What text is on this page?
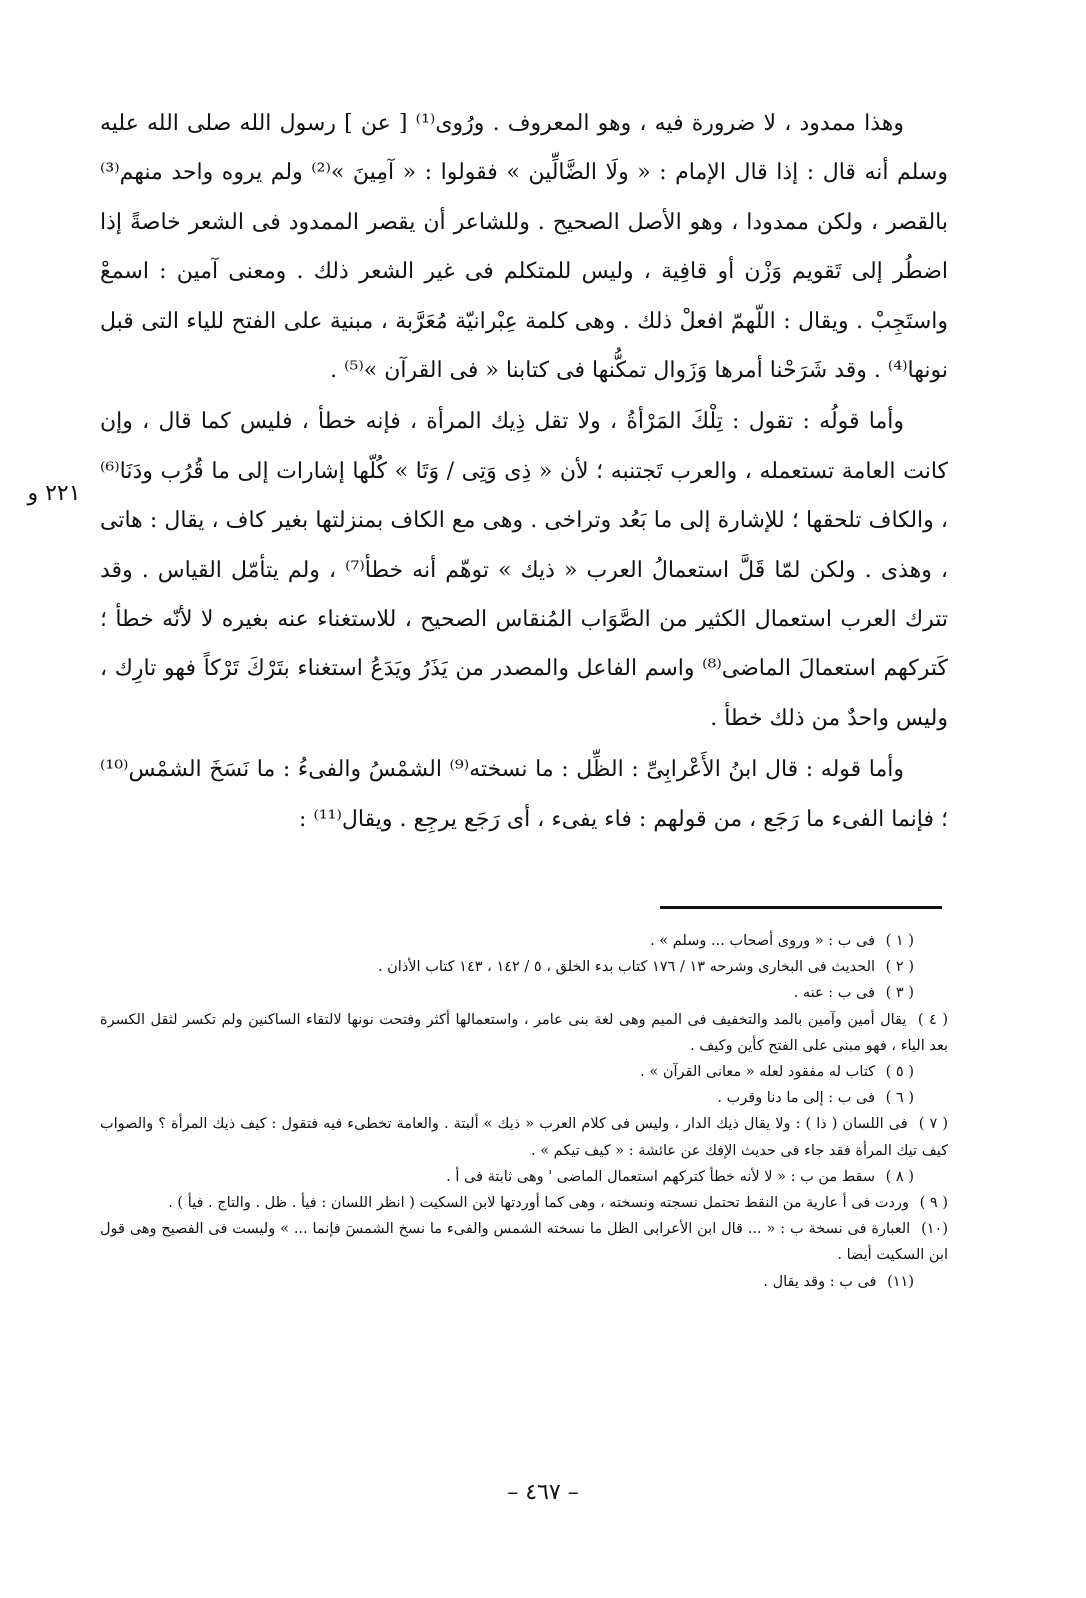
وهذا ممدود ، لا ضرورة فيه ، وهو المعروف . ورُوى⁽¹⁾ [ عن ] رسول الله صلى الله عليه وسلم أنه قال : إذا قال الإمام : « ولَا الضَّالِّين » فقولوا : « آمِينَ »⁽²⁾ ولم يروه واحد منهم⁽³⁾ بالقصر ، ولكن ممدودا ، وهو الأصل الصحيح . وللشاعر أن يقصر الممدود فى الشعر خاصةً إذا اضطُر إلى تَقويم وَزْن أو قافِية ، وليس للمتكلم فى غير الشعر ذلك . ومعنى آمين : اسمعْ واستَجِبْ . ويقال : اللّهمّ افعلْ ذلك . وهى كلمة عِبْرانيّة مُعَرَّبة ، مبنية على الفتح للياء التى قبل نونها⁽⁴⁾ . وقد شَرَحْنا أمرها وَزَوال تمكُّنها فى كتابنا « فى القرآن »⁽⁵⁾ .

وأما قولُه : تقول : تِلْكَ المَرْأةُ ، ولا تقل ذِيك المرأة ، فإنه خطأ ، فليس كما قال ، وإن كانت العامة تستعمله ، والعرب تَجتنبه ؛ لأن « ذِى وَتِى / وَتَا » كُلّها إشارات إلى ما قُرُب ودَنَا⁽⁶⁾ ، والكاف تلحقها ؛ للإشارة إلى ما بَعُد وتراخى . وهى مع الكاف بمنزلتها بغير كاف ، يقال : هاتى ، وهذى . ولكن لمّا قَلَّ استعمالُ العرب « ذيك » توهّم أنه خطأ⁽⁷⁾ ، ولم يتأمّل القياس . وقد تترك العرب استعمال الكثير من الصَّوَاب المُنقاس الصحيح ، للاستغناء عنه بغيره لا لأنّه خطأ ؛ كَتركهم استعمالَ الماضى⁽⁸⁾ واسم الفاعل والمصدر من يَذَرُ ويَدَعُ استغناء بتَرْكَ تَرْكاً فهو تارِك ، وليس واحدٌ من ذلك خطأ .

وأما قوله : قال ابنُ الأَعْرابِىِّ : الظِّل : ما نسخته⁽⁹⁾ الشمْسُ والفىءُ : ما نَسَخَ الشمْس⁽¹⁰⁾ ؛ فإنما الفىء ما رَجَع ، من قولهم : فاء يفىء ، أى رَجَع يرجِع . ويقال⁽¹¹⁾ :

٢٢١ و
( ١ ) فى ب : « وروى أصحاب ... وسلم » .
( ٢ ) الحديث فى البخارى وشرحه ١٣ / ١٧٦ كتاب بدء الخلق ، ٥ / ١٤٢ ، ١٤٣ كتاب الأذان .
( ٣ ) فى ب : عنه .
( ٤ ) يقال أمين وآمين بالمد والتخفيف فى الميم وهى لغة بنى عامر ، واستعمالها أكثر وفتحت نونها لالتقاء الساكنين ولم تكسر لثقل الكسرة بعد الياء ، فهو مبنى على الفتح كأين وكيف .
( ٥ ) كتاب له مفقود لعله « معانى القرآن » .
( ٦ ) فى ب : إلى ما دنا وقرب .
( ٧ ) فى اللسان ( ذا ) : ولا يقال ذيك الدار ، وليس فى كلام العرب « ذيك » ألبتة . والعامة تخطىء فيه فتقول : كيف ذيك المرأة ؟ والصواب كيف تيك المرأة فقد جاء فى حديث الإفك عن عائشة : « كيف تيكم » .
( ٨ ) سقط من ب : « لا لأنه خطأ كتركهم استعمال الماضى ' وهى ثابتة فى أ .
( ٩ ) وردت فى أ عارية من النقط تحتمل نسجته ونسخته ، وهى كما أوردتها لابن السكيت ( انظر اللسان : فيأ . ظل . والتاج . فيأ ) .
(١٠) العبارة فى نسخة ب : « ... قال ابن الأعرابى الظل ما نسخته الشمس والفىء ما نسخ الشمسَ فإنما ... » وليست فى الفصيح وهى قول ابن السكيت أيضا .
(١١) فى ب : وقد يقال .
– ٤٦٧ –
